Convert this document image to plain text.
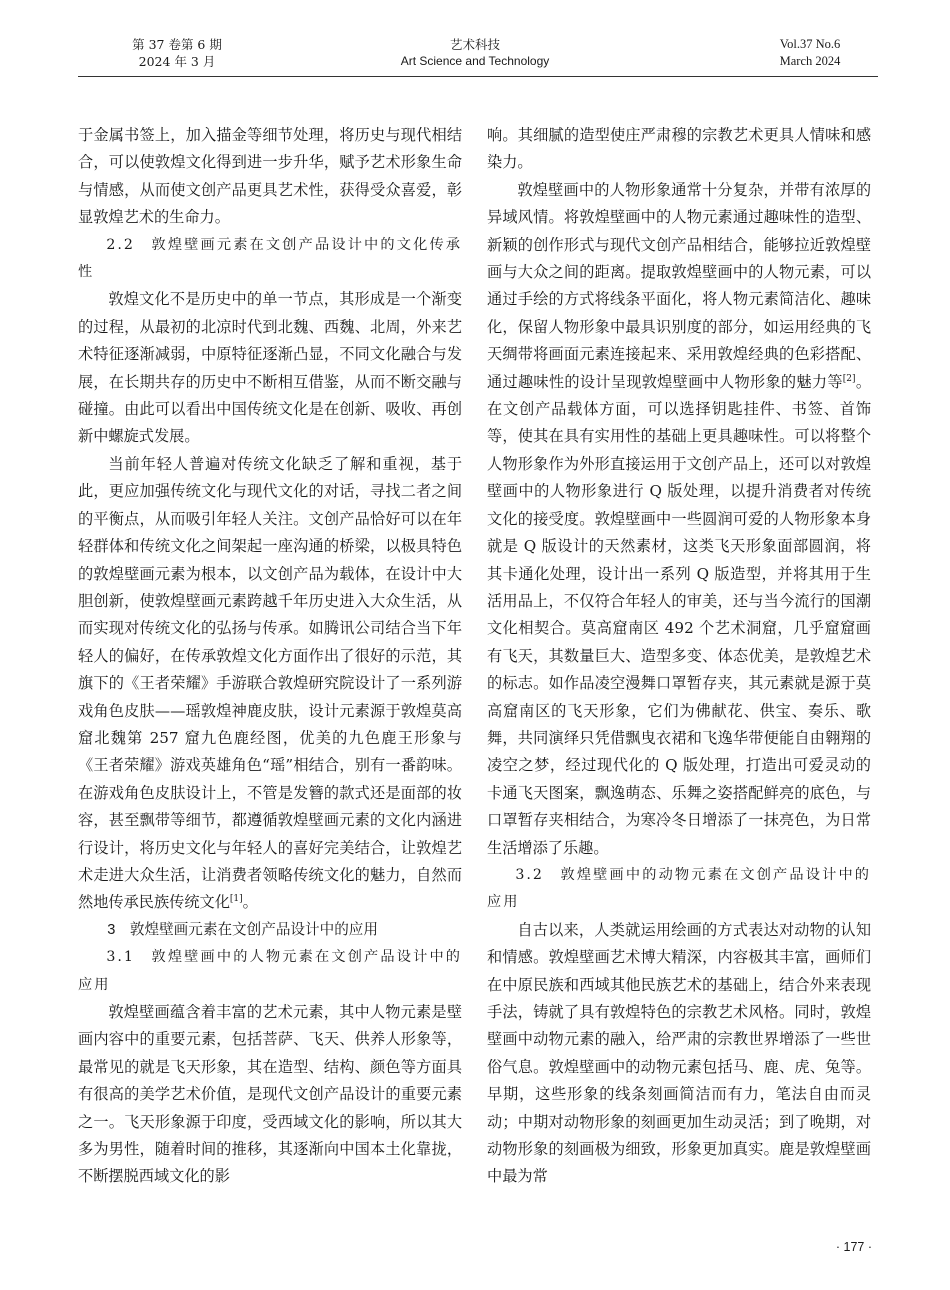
第 37 卷第 6 期
2024 年 3 月
艺术科技
Art Science and Technology
Vol.37 No.6
March 2024

于金属书签上，加入描金等细节处理，将历史与现代相结合，可以使敦煌文化得到进一步升华，赋予艺术形象生命与情感，从而使文创产品更具艺术性，获得受众喜爱，彰显敦煌艺术的生命力。

2.2　敦煌壁画元素在文创产品设计中的文化传承性

敦煌文化不是历史中的单一节点，其形成是一个渐变的过程，从最初的北凉时代到北魏、西魏、北周，外来艺术特征逐渐减弱，中原特征逐渐凸显，不同文化融合与发展，在长期共存的历史中不断相互借鉴，从而不断交融与碰撞。由此可以看出中国传统文化是在创新、吸收、再创新中螺旋式发展。

当前年轻人普遍对传统文化缺乏了解和重视，基于此，更应加强传统文化与现代文化的对话，寻找二者之间的平衡点，从而吸引年轻人关注。文创产品恰好可以在年轻群体和传统文化之间架起一座沟通的桥梁，以极具特色的敦煌壁画元素为根本，以文创产品为载体，在设计中大胆创新，使敦煌壁画元素跨越千年历史进入大众生活，从而实现对传统文化的弘扬与传承。如腾讯公司结合当下年轻人的偏好，在传承敦煌文化方面作出了很好的示范，其旗下的《王者荣耀》手游联合敦煌研究院设计了一系列游戏角色皮肤——瑶敦煌神鹿皮肤，设计元素源于敦煌莫高窟北魏第 257 窟九色鹿经图，优美的九色鹿王形象与《王者荣耀》游戏英雄角色“瑶”相结合，别有一番韵味。在游戏角色皮肤设计上，不管是发簪的款式还是面部的妆容，甚至飘带等细节，都遵循敦煌壁画元素的文化内涵进行设计，将历史文化与年轻人的喜好完美结合，让敦煌艺术走进大众生活，让消费者领略传统文化的魅力，自然而然地传承民族传统文化[1]。

3　敦煌壁画元素在文创产品设计中的应用

3.1　敦煌壁画中的人物元素在文创产品设计中的应用

敦煌壁画蕴含着丰富的艺术元素，其中人物元素是壁画内容中的重要元素，包括菩萨、飞天、供养人形象等，最常见的就是飞天形象，其在造型、结构、颜色等方面具有很高的美学艺术价值，是现代文创产品设计的重要元素之一。飞天形象源于印度，受西域文化的影响，所以其大多为男性，随着时间的推移，其逐渐向中国本土化靠拢，不断摆脱西域文化的影

响。其细腻的造型使庄严肃穆的宗教艺术更具人情味和感染力。

敦煌壁画中的人物形象通常十分复杂，并带有浓厚的异域风情。将敦煌壁画中的人物元素通过趣味性的造型、新颖的创作形式与现代文创产品相结合，能够拉近敦煌壁画与大众之间的距离。提取敦煌壁画中的人物元素，可以通过手绘的方式将线条平面化，将人物元素简洁化、趣味化，保留人物形象中最具识别度的部分，如运用经典的飞天绸带将画面元素连接起来、采用敦煌经典的色彩搭配、通过趣味性的设计呈现敦煌壁画中人物形象的魅力等[2]。在文创产品载体方面，可以选择钥匙挂件、书签、首饰等，使其在具有实用性的基础上更具趣味性。可以将整个人物形象作为外形直接运用于文创产品上，还可以对敦煌壁画中的人物形象进行 Q 版处理，以提升消费者对传统文化的接受度。敦煌壁画中一些圆润可爱的人物形象本身就是 Q 版设计的天然素材，这类飞天形象面部圆润，将其卡通化处理，设计出一系列 Q 版造型，并将其用于生活用品上，不仅符合年轻人的审美，还与当今流行的国潮文化相契合。莫高窟南区 492 个艺术洞窟，几乎窟窟画有飞天，其数量巨大、造型多变、体态优美，是敦煌艺术的标志。如作品凌空漫舞口罩暂存夹，其元素就是源于莫高窟南区的飞天形象，它们为佛献花、供宝、奏乐、歌舞，共同演绎只凭借飘曳衣裙和飞逸华带便能自由翱翔的凌空之梦，经过现代化的 Q 版处理，打造出可爱灵动的卡通飞天图案，飘逸萌态、乐舞之姿搭配鲜亮的底色，与口罩暂存夹相结合，为寒冷冬日增添了一抹亮色，为日常生活增添了乐趣。

3.2　敦煌壁画中的动物元素在文创产品设计中的应用

自古以来，人类就运用绘画的方式表达对动物的认知和情感。敦煌壁画艺术博大精深，内容极其丰富，画师们在中原民族和西域其他民族艺术的基础上，结合外来表现手法，铸就了具有敦煌特色的宗教艺术风格。同时，敦煌壁画中动物元素的融入，给严肃的宗教世界增添了一些世俗气息。敦煌壁画中的动物元素包括马、鹿、虎、兔等。早期，这些形象的线条刻画简洁而有力，笔法自由而灵动；中期对动物形象的刻画更加生动灵活；到了晚期，对动物形象的刻画极为细致，形象更加真实。鹿是敦煌壁画中最为常

· 177 ·
